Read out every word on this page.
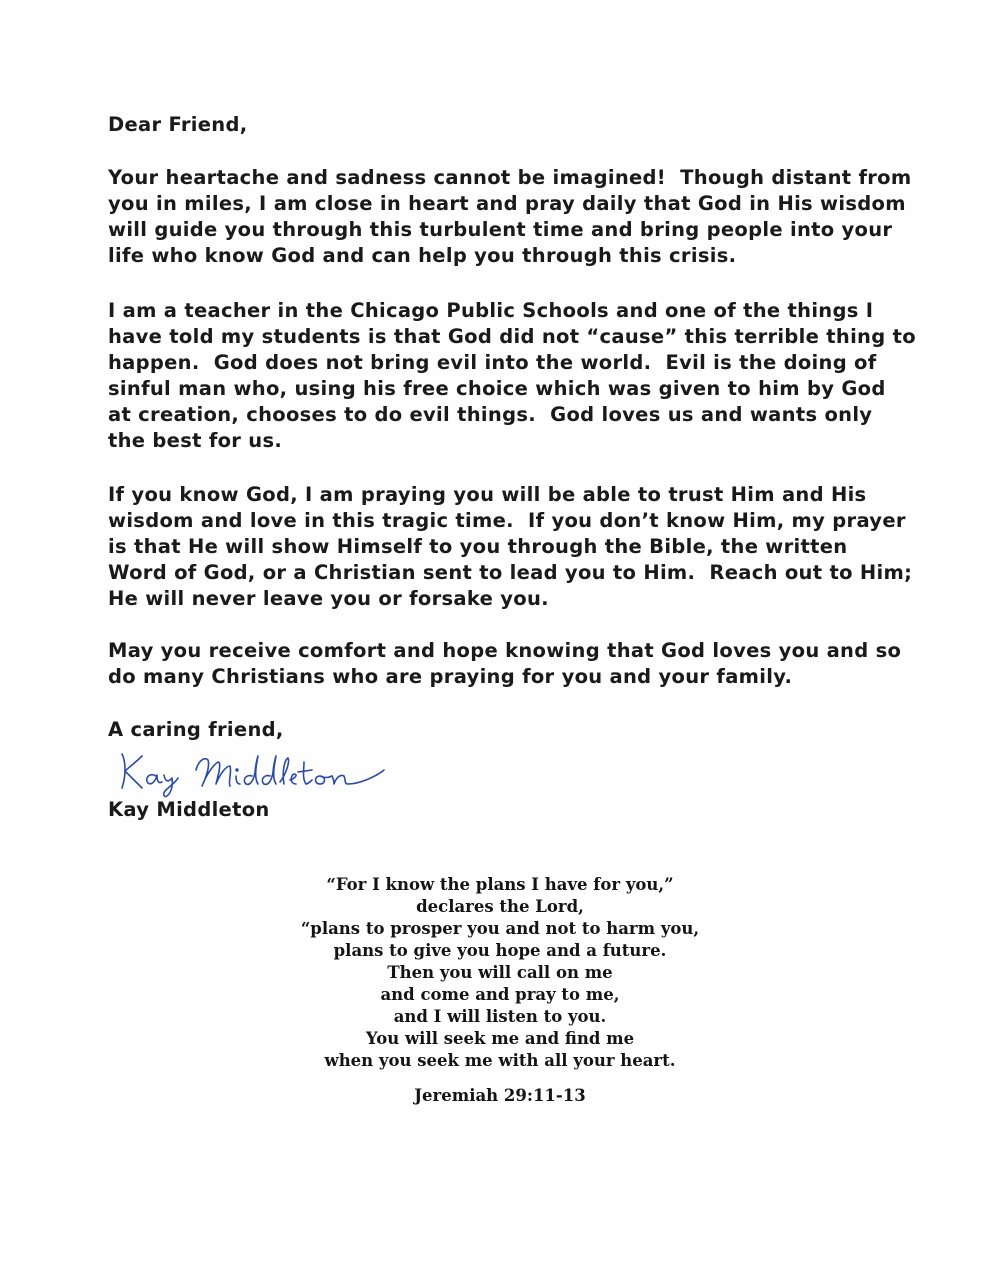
Dear Friend,
Your heartache and sadness cannot be imagined!  Though distant from
you in miles, I am close in heart and pray daily that God in His wisdom
will guide you through this turbulent time and bring people into your
life who know God and can help you through this crisis.
I am a teacher in the Chicago Public Schools and one of the things I
have told my students is that God did not “cause” this terrible thing to
happen.  God does not bring evil into the world.  Evil is the doing of
sinful man who, using his free choice which was given to him by God
at creation, chooses to do evil things.  God loves us and wants only
the best for us.
If you know God, I am praying you will be able to trust Him and His
wisdom and love in this tragic time.  If you don’t know Him, my prayer
is that He will show Himself to you through the Bible, the written
Word of God, or a Christian sent to lead you to Him.  Reach out to Him;
He will never leave you or forsake you.
May you receive comfort and hope knowing that God loves you and so
do many Christians who are praying for you and your family.
A caring friend,
Kay Middleton
“For I know the plans I have for you,”
declares the Lord,
“plans to prosper you and not to harm you,
plans to give you hope and a future.
Then you will call on me
and come and pray to me,
and I will listen to you.
You will seek me and find me
when you seek me with all your heart.
Jeremiah 29:11-13
